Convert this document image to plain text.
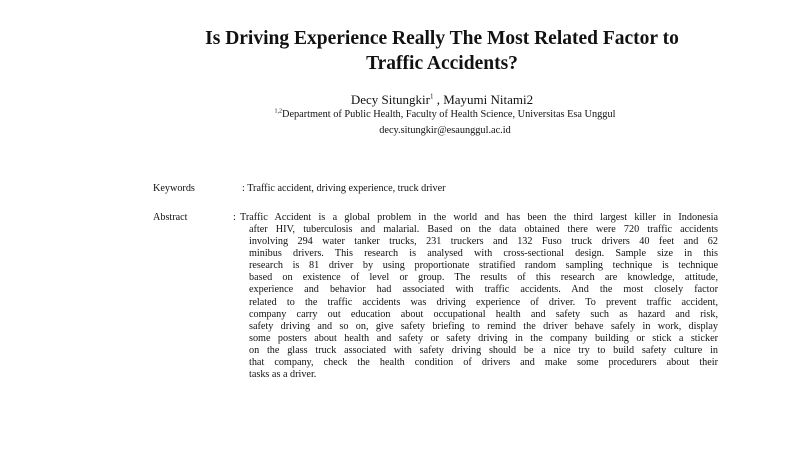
Is Driving Experience Really The Most Related Factor to
Traffic Accidents?
Decy Situngkir$^1$ , Mayumi Nitami2
$^{1,2}$Department of Public Health, Faculty of Health Science, Universitas Esa Unggul
decy.situngkir@esaunggul.ac.id
Keywords	: Traffic accident, driving experience, truck driver
Abstract	: Traffic Accident is a global problem in the world and has been the third largest killer in Indonesia
after HIV, tuberculosis and malarial. Based on the data obtained there were 720 traffic accidents
involving 294 water tanker trucks, 231 truckers and 132 Fuso truck drivers 40 feet and 62
minibus drivers. This research is analysed with cross-sectional design. Sample size in this
research is 81 driver by using proportionate stratified random sampling technique is technique
based on existence of level or group. The results of this research are knowledge, attitude,
experience and behavior had associated with traffic accidents. And the most closely factor
related to the traffic accidents was driving experience of driver. To prevent traffic accident,
company carry out education about occupational health and safety such as hazard and risk,
safety driving and so on, give safety briefing to remind the driver behave safely in work, display
some posters about health and safety or safety driving in the company building or stick a sticker
on the glass truck associated with safety driving should be a nice try to build safety culture in
that company, check the health condition of drivers and make some procedurers about their
tasks as a driver.
